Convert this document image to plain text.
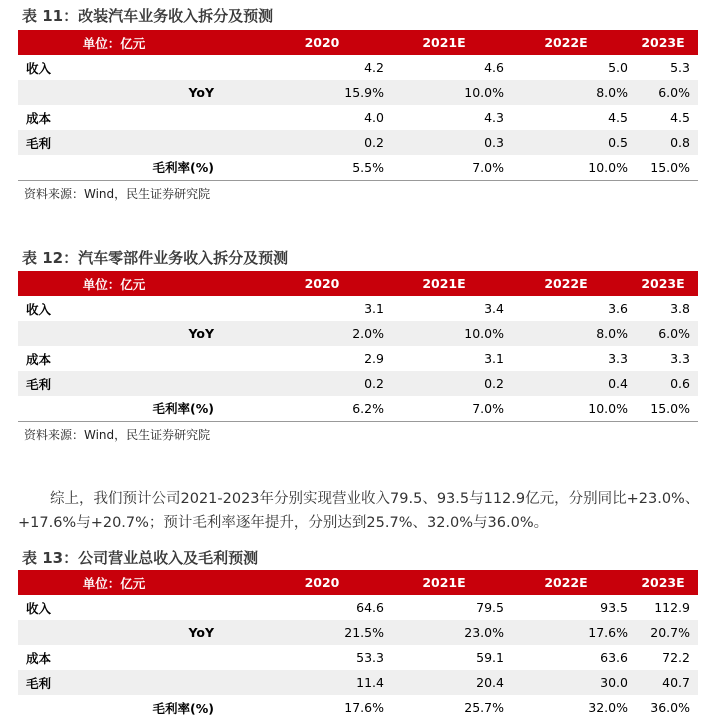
表 11：改装汽车业务收入拆分及预测
单位：亿元	2020	2021E	2022E	2023E
收入	4.2	4.6	5.0	5.3
YoY	15.9%	10.0%	8.0%	6.0%
成本	4.0	4.3	4.5	4.5
毛利	0.2	0.3	0.5	0.8
毛利率(%)	5.5%	7.0%	10.0%	15.0%

资料来源：Wind，民生证券研究院

表 12：汽车零部件业务收入拆分及预测
单位：亿元	2020	2021E	2022E	2023E
收入	3.1	3.4	3.6	3.8
YoY	2.0%	10.0%	8.0%	6.0%
成本	2.9	3.1	3.3	3.3
毛利	0.2	0.2	0.4	0.6
毛利率(%)	6.2%	7.0%	10.0%	15.0%

资料来源：Wind，民生证券研究院

综上，我们预计公司2021-2023年分别实现营业收入79.5、93.5与112.9亿元，分别同比+23.0%、+17.6%与+20.7%；预计毛利率逐年提升，分别达到25.7%、32.0%与36.0%。

表 13：公司营业总收入及毛利预测
单位：亿元	2020	2021E	2022E	2023E
收入	64.6	79.5	93.5	112.9
YoY	21.5%	23.0%	17.6%	20.7%
成本	53.3	59.1	63.6	72.2
毛利	11.4	20.4	30.0	40.7
毛利率(%)	17.6%	25.7%	32.0%	36.0%
